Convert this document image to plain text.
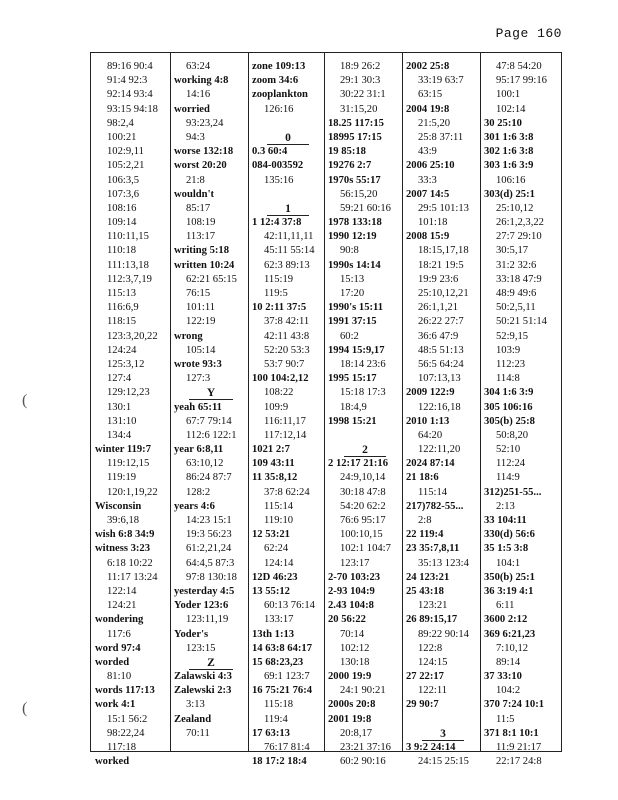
Page 160
(
(
89:16 90:4
91:4 92:3
92:14 93:4
93:15 94:18
98:2,4
100:21
102:9,11
105:2,21
106:3,5
107:3,6
108:16
109:14
110:11,15
110:18
111:13,18
112:3,7,19
115:13
116:6,9
118:15
123:3,20,22
124:24
125:3,12
127:4
129:12,23
130:1
131:10
134:4
winter 119:7
119:12,15
119:19
120:1,19,22
Wisconsin
39:6,18
wish 6:8 34:9
witness 3:23
6:18 10:22
11:17 13:24
122:14
124:21
wondering
117:6
word 97:4
worded
81:10
words 117:13
work 4:1
15:1 56:2
98:22,24
117:18
worked
63:24
working 4:8
14:16
worried
93:23,24
94:3
worse 132:18
worst 20:20
21:8
wouldn't
85:17
108:19
113:17
writing 5:18
written 10:24
62:21 65:15
76:15
101:11
122:19
wrong
105:14
wrote 93:3
127:3
Y
yeah 65:11
67:7 79:14
112:6 122:1
year 6:8,11
63:10,12
86:24 87:7
128:2
years 4:6
14:23 15:1
19:3 56:23
61:2,21,24
64:4,5 87:3
97:8 130:18
yesterday 4:5
Yoder 123:6
123:11,19
Yoder's
123:15
Z
Zalawski 4:3
Zalewski 2:3
3:13
Zealand
70:11
zone 109:13
zoom 34:6
zooplankton
126:16
0
0.3 60:4
084-003592
135:16
1
1 12:4 37:8
42:11,11,11
45:11 55:14
62:3 89:13
115:19
119:5
10 2:11 37:5
37:8 42:11
42:11 43:8
52:20 53:3
53:7 90:7
100 104:2,12
108:22
109:9
116:11,17
117:12,14
1021 2:7
109 43:11
11 35:8,12
37:8 62:24
115:14
119:10
12 53:21
62:24
124:14
12D 46:23
13 55:12
60:13 76:14
133:17
13th 1:13
14 63:8 64:17
15 68:23,23
69:1 123:7
16 75:21 76:4
115:18
119:4
17 63:13
76:17 81:4
18 17:2 18:4
18:9 26:2
29:1 30:3
30:22 31:1
31:15,20
18.25 117:15
18995 17:15
19 85:18
19276 2:7
1970s 55:17
56:15,20
59:21 60:16
1978 133:18
1990 12:19
90:8
1990s 14:14
15:13
17:20
1990's 15:11
1991 37:15
60:2
1994 15:9,17
18:14 23:6
1995 15:17
15:18 17:3
18:4,9
1998 15:21
2
2 12:17 21:16
24:9,10,14
30:18 47:8
54:20 62:2
76:6 95:17
100:10,15
102:1 104:7
123:17
2-70 103:23
2-93 104:9
2.43 104:8
20 56:22
70:14
102:12
130:18
2000 19:9
24:1 90:21
2000s 20:8
2001 19:8
20:8,17
23:21 37:16
60:2 90:16
2002 25:8
33:19 63:7
63:15
2004 19:8
21:5,20
25:8 37:11
43:9
2006 25:10
33:3
2007 14:5
29:5 101:13
101:18
2008 15:9
18:15,17,18
18:21 19:5
19:9 23:6
25:10,12,21
26:1,1,21
26:22 27:7
36:6 47:9
48:5 51:13
56:5 64:24
107:13,13
2009 122:9
122:16,18
2010 1:13
64:20
122:11,20
2024 87:14
21 18:6
115:14
217)782-55...
2:8
22 119:4
23 35:7,8,11
35:13 123:4
24 123:21
25 43:18
123:21
26 89:15,17
89:22 90:14
122:8
124:15
27 22:17
122:11
29 90:7
3
3 9:2 24:14
24:15 25:15
47:8 54:20
95:17 99:16
100:1
102:14
30 25:10
301 1:6 3:8
302 1:6 3:8
303 1:6 3:9
106:16
303(d) 25:1
25:10,12
26:1,2,3,22
27:7 29:10
30:5,17
31:2 32:6
33:18 47:9
48:9 49:6
50:2,5,11
50:21 51:14
52:9,15
103:9
112:23
114:8
304 1:6 3:9
305 106:16
305(b) 25:8
50:8,20
52:10
112:24
114:9
312)251-55...
2:13
33 104:11
330(d) 56:6
35 1:5 3:8
104:1
350(b) 25:1
36 3:19 4:1
6:11
3600 2:12
369 6:21,23
7:10,12
89:14
37 33:10
104:2
370 7:24 10:1
11:5
371 8:1 10:1
11:9 21:17
22:17 24:8
